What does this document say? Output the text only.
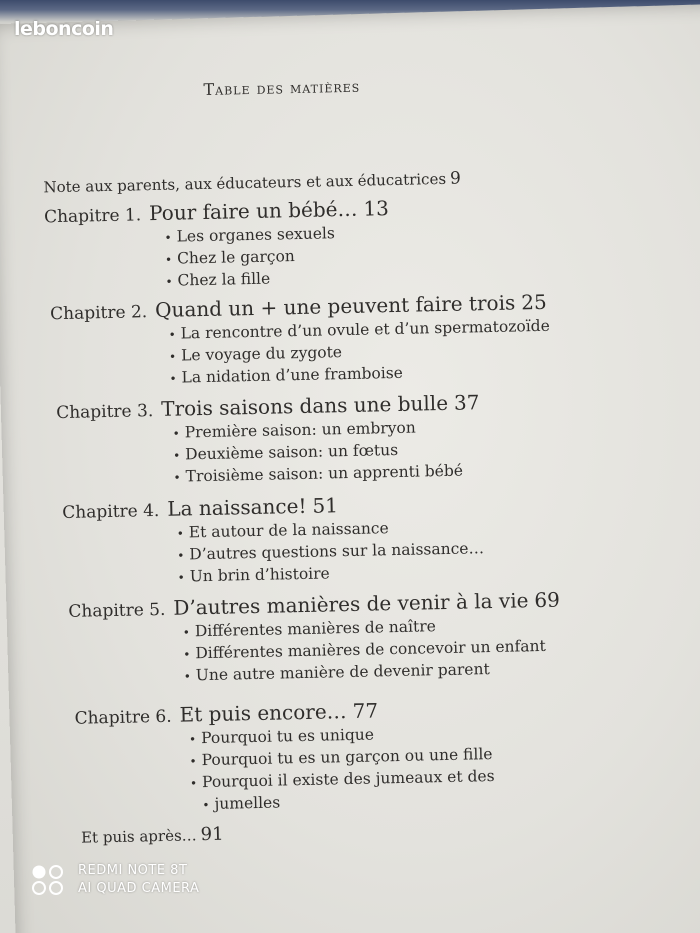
Table des matières
Note aux parents, aux éducateurs et aux éducatrices 9
Chapitre 1. Pour faire un bébé… 13
• Les organes sexuels
• Chez le garçon
• Chez la fille
Chapitre 2. Quand un + une peuvent faire trois 25
• La rencontre d’un ovule et d’un spermatozoïde
• Le voyage du zygote
• La nidation d’une framboise
Chapitre 3. Trois saisons dans une bulle 37
• Première saison: un embryon
• Deuxième saison: un fœtus
• Troisième saison: un apprenti bébé
Chapitre 4. La naissance! 51
• Et autour de la naissance
• D’autres questions sur la naissance…
• Un brin d’histoire
Chapitre 5. D’autres manières de venir à la vie 69
• Différentes manières de naître
• Différentes manières de concevoir un enfant
• Une autre manière de devenir parent
Chapitre 6. Et puis encore… 77
• Pourquoi tu es unique
• Pourquoi tu es un garçon ou une fille
• Pourquoi il existe des jumeaux et des
• jumelles
Et puis après… 91
leboncoin
REDMI NOTE 8T
AI QUAD CAMERA
